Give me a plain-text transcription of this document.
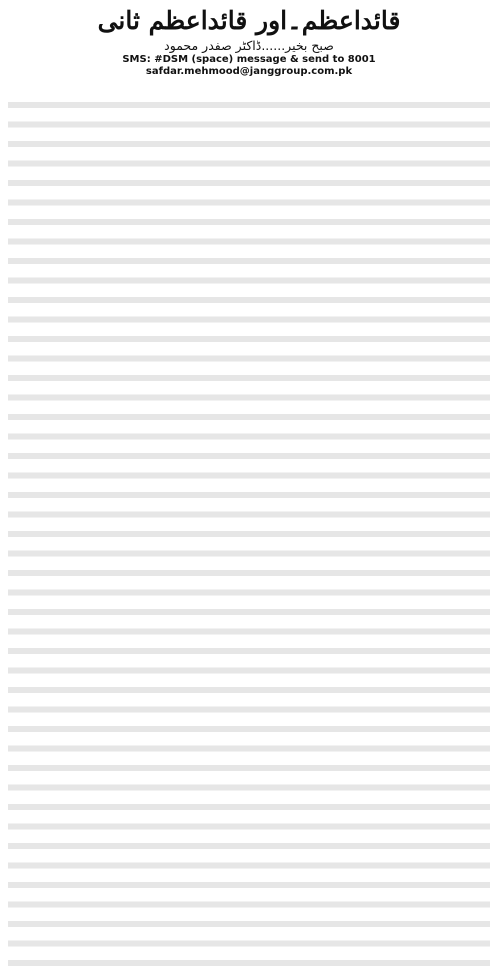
قائداعظم۔اور قائداعظم ثانی
صبح بخیر......ڈاکٹر صفدر محمود
SMS: #DSM (space) message & send to 8001
safdar.mehmood@janggroup.com.pk
